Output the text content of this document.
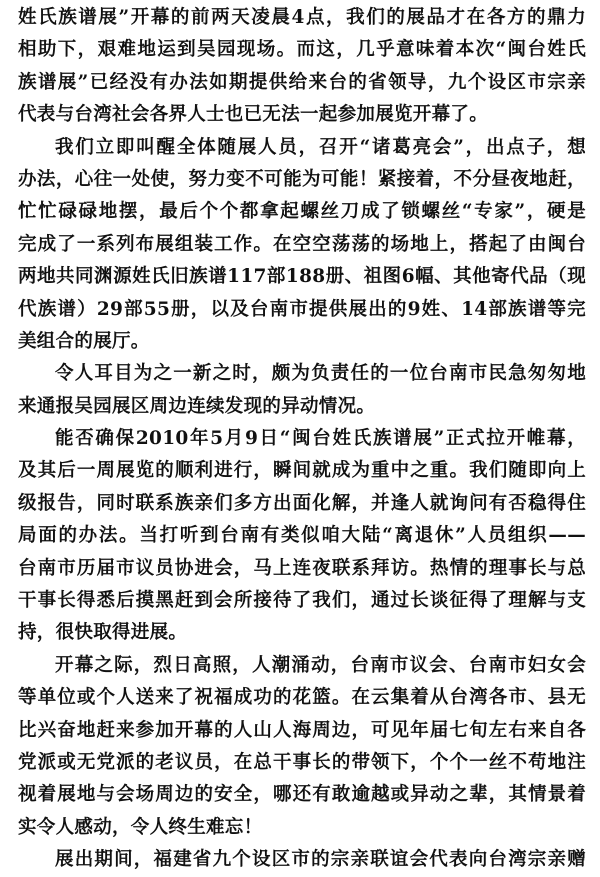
姓氏族谱展”开幕的前两天凌晨4点，我们的展品才在各方的鼎力
相助下，艰难地运到吴园现场。而这，几乎意味着本次“闽台姓氏
族谱展”已经没有办法如期提供给来台的省领导，九个设区市宗亲
代表与台湾社会各界人士也已无法一起参加展览开幕了。
我们立即叫醒全体随展人员，召开“诸葛亮会”，出点子，想
办法，心往一处使，努力变不可能为可能！紧接着，不分昼夜地赶，
忙忙碌碌地摆，最后个个都拿起螺丝刀成了锁螺丝“专家”，硬是
完成了一系列布展组装工作。在空空荡荡的场地上，搭起了由闽台
两地共同渊源姓氏旧族谱117部188册、祖图6幅、其他寄代品（现
代族谱）29部55册，以及台南市提供展出的9姓、14部族谱等完
美组合的展厅。
令人耳目为之一新之时，颇为负责任的一位台南市民急匆匆地
来通报吴园展区周边连续发现的异动情况。
能否确保2010年5月9日“闽台姓氏族谱展”正式拉开帷幕，
及其后一周展览的顺利进行，瞬间就成为重中之重。我们随即向上
级报告，同时联系族亲们多方出面化解，并逢人就询问有否稳得住
局面的办法。当打听到台南有类似咱大陆“离退休”人员组织——
台南市历届市议员协进会，马上连夜联系拜访。热情的理事长与总
干事长得悉后摸黑赶到会所接待了我们，通过长谈征得了理解与支
持，很快取得进展。
开幕之际，烈日高照，人潮涌动，台南市议会、台南市妇女会
等单位或个人送来了祝福成功的花篮。在云集着从台湾各市、县无
比兴奋地赶来参加开幕的人山人海周边，可见年届七旬左右来自各
党派或无党派的老议员，在总干事长的带领下，个个一丝不苟地注
视着展地与会场周边的安全，哪还有敢逾越或异动之辈，其情景着
实令人感动，令人终生难忘！
展出期间，福建省九个设区市的宗亲联谊会代表向台湾宗亲赠
